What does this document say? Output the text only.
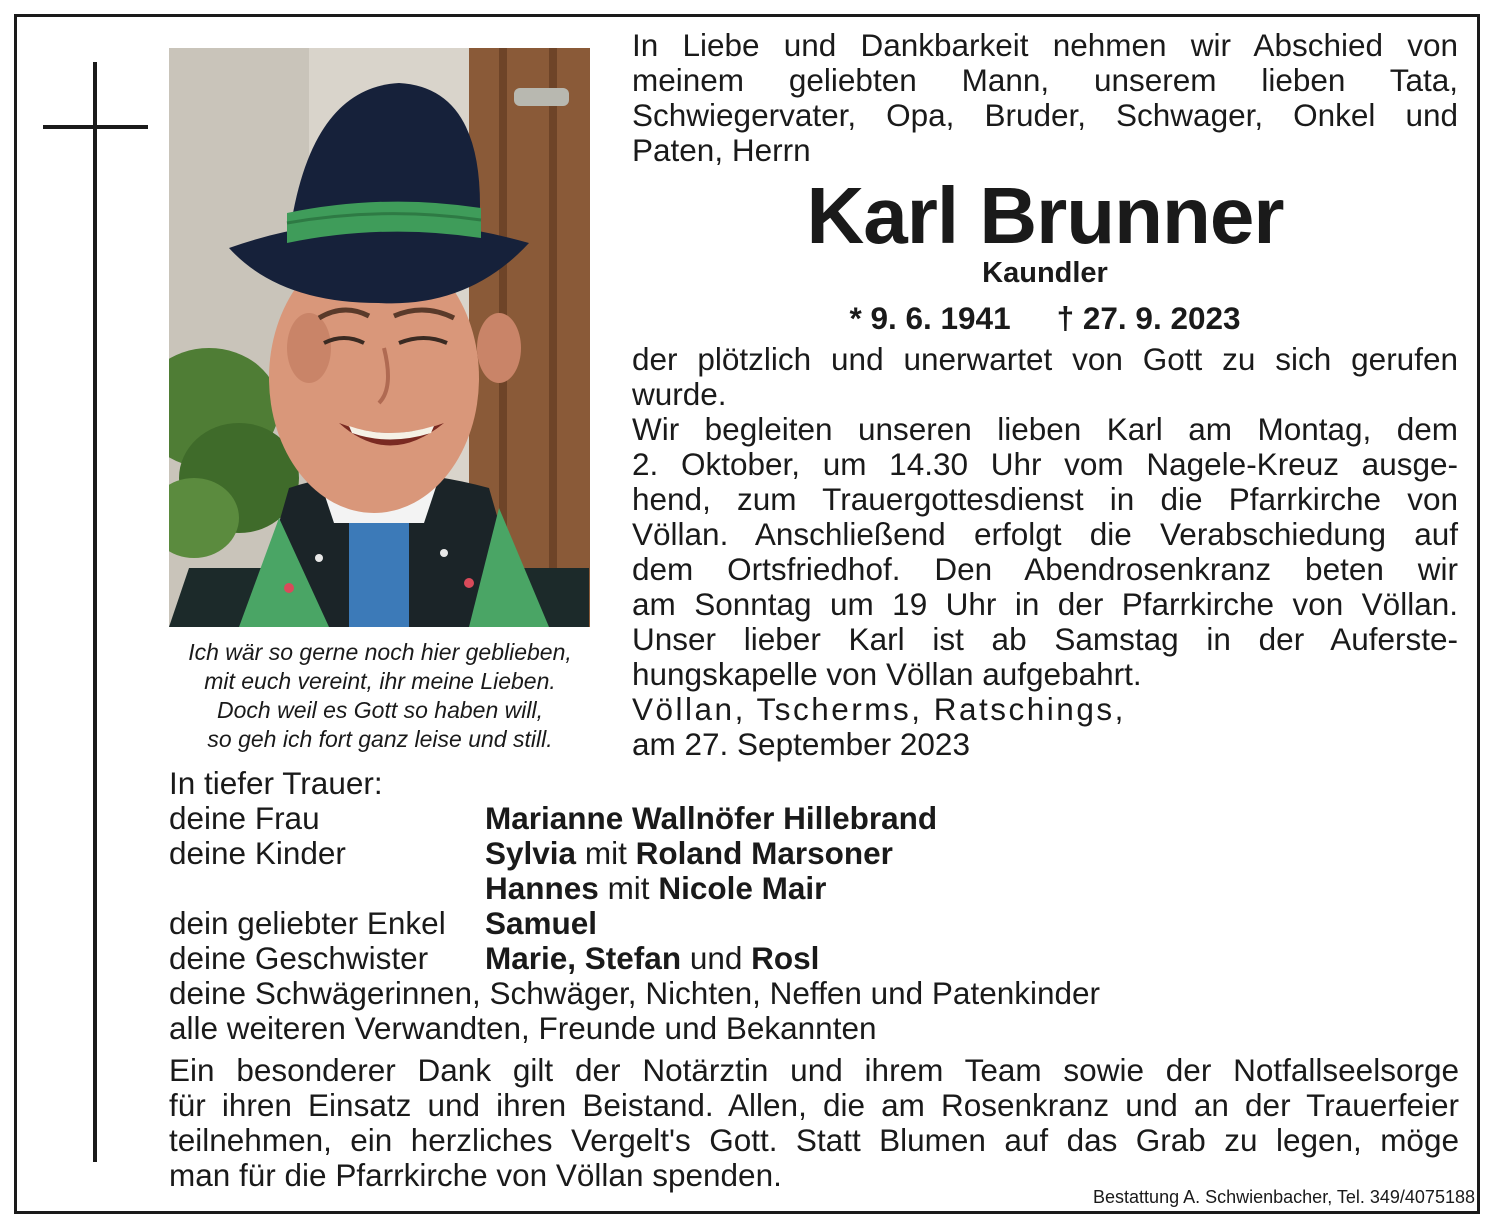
Ich wär so gerne noch hier geblieben,
mit euch vereint, ihr meine Lieben.
Doch weil es Gott so haben will,
so geh ich fort ganz leise und still.
In Liebe und Dankbarkeit nehmen wir Abschied von
meinem geliebten Mann, unserem lieben Tata,
Schwiegervater, Opa, Bruder, Schwager, Onkel und
Paten, Herrn
Karl Brunner
Kaundler
* 9. 6. 1941 † 27. 9. 2023
der plötzlich und unerwartet von Gott zu sich gerufen
wurde.
Wir begleiten unseren lieben Karl am Montag, dem
2. Oktober, um 14.30 Uhr vom Nagele-Kreuz ausge-
hend, zum Trauergottesdienst in die Pfarrkirche von
Völlan. Anschließend erfolgt die Verabschiedung auf
dem Ortsfriedhof. Den Abendrosenkranz beten wir
am Sonntag um 19 Uhr in der Pfarrkirche von Völlan.
Unser lieber Karl ist ab Samstag in der Auferste-
hungskapelle von Völlan aufgebahrt.
Völlan, Tscherms, Ratschings,
am 27. September 2023
In tiefer Trauer:
deine Frau	Marianne Wallnöfer Hillebrand
deine Kinder	Sylvia mit Roland Marsoner
Hannes mit Nicole Mair
dein geliebter Enkel	Samuel
deine Geschwister	Marie, Stefan und Rosl
deine Schwägerinnen, Schwäger, Nichten, Neffen und Patenkinder
alle weiteren Verwandten, Freunde und Bekannten
Ein besonderer Dank gilt der Notärztin und ihrem Team sowie der Notfallseelsorge
für ihren Einsatz und ihren Beistand. Allen, die am Rosenkranz und an der Trauerfeier
teilnehmen, ein herzliches Vergelt's Gott. Statt Blumen auf das Grab zu legen, möge
man für die Pfarrkirche von Völlan spenden.
Bestattung A. Schwienbacher, Tel. 349/4075188
